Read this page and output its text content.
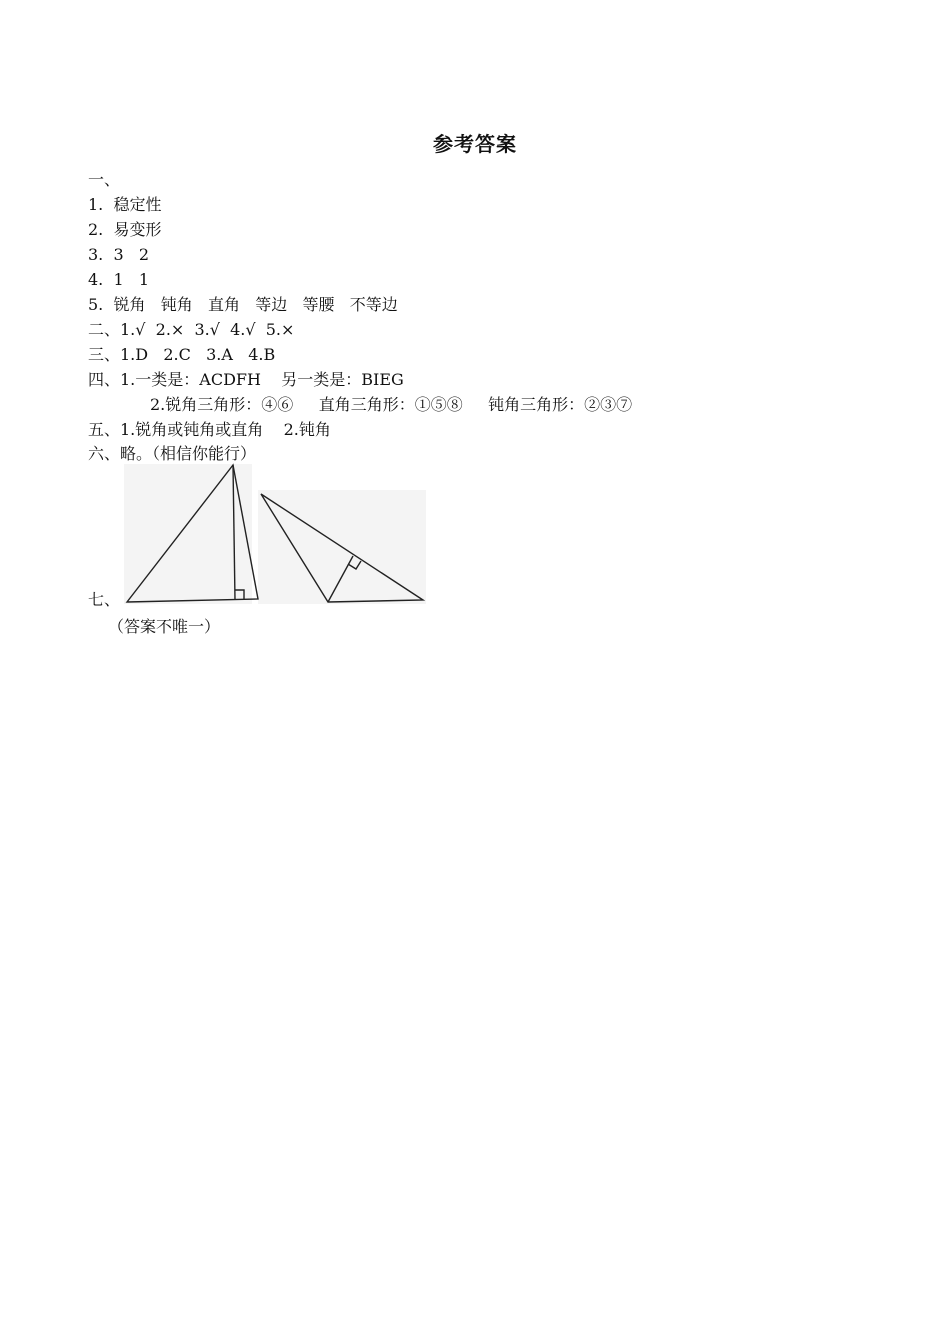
参考答案
一、
1.  稳定性
2.  易变形
3.  3   2
4.  1   1
5.  锐角   钝角   直角   等边   等腰   不等边
二、1.√  2.×  3.√  4.√  5.×
三、1.D   2.C   3.A   4.B
四、1.一类是：ACDFH    另一类是：BIEG
2.锐角三角形：④⑥     直角三角形：①⑤⑧     钝角三角形：②③⑦
五、1.锐角或钝角或直角    2.钝角
六、略。（相信你能行）
七、
（答案不唯一）
